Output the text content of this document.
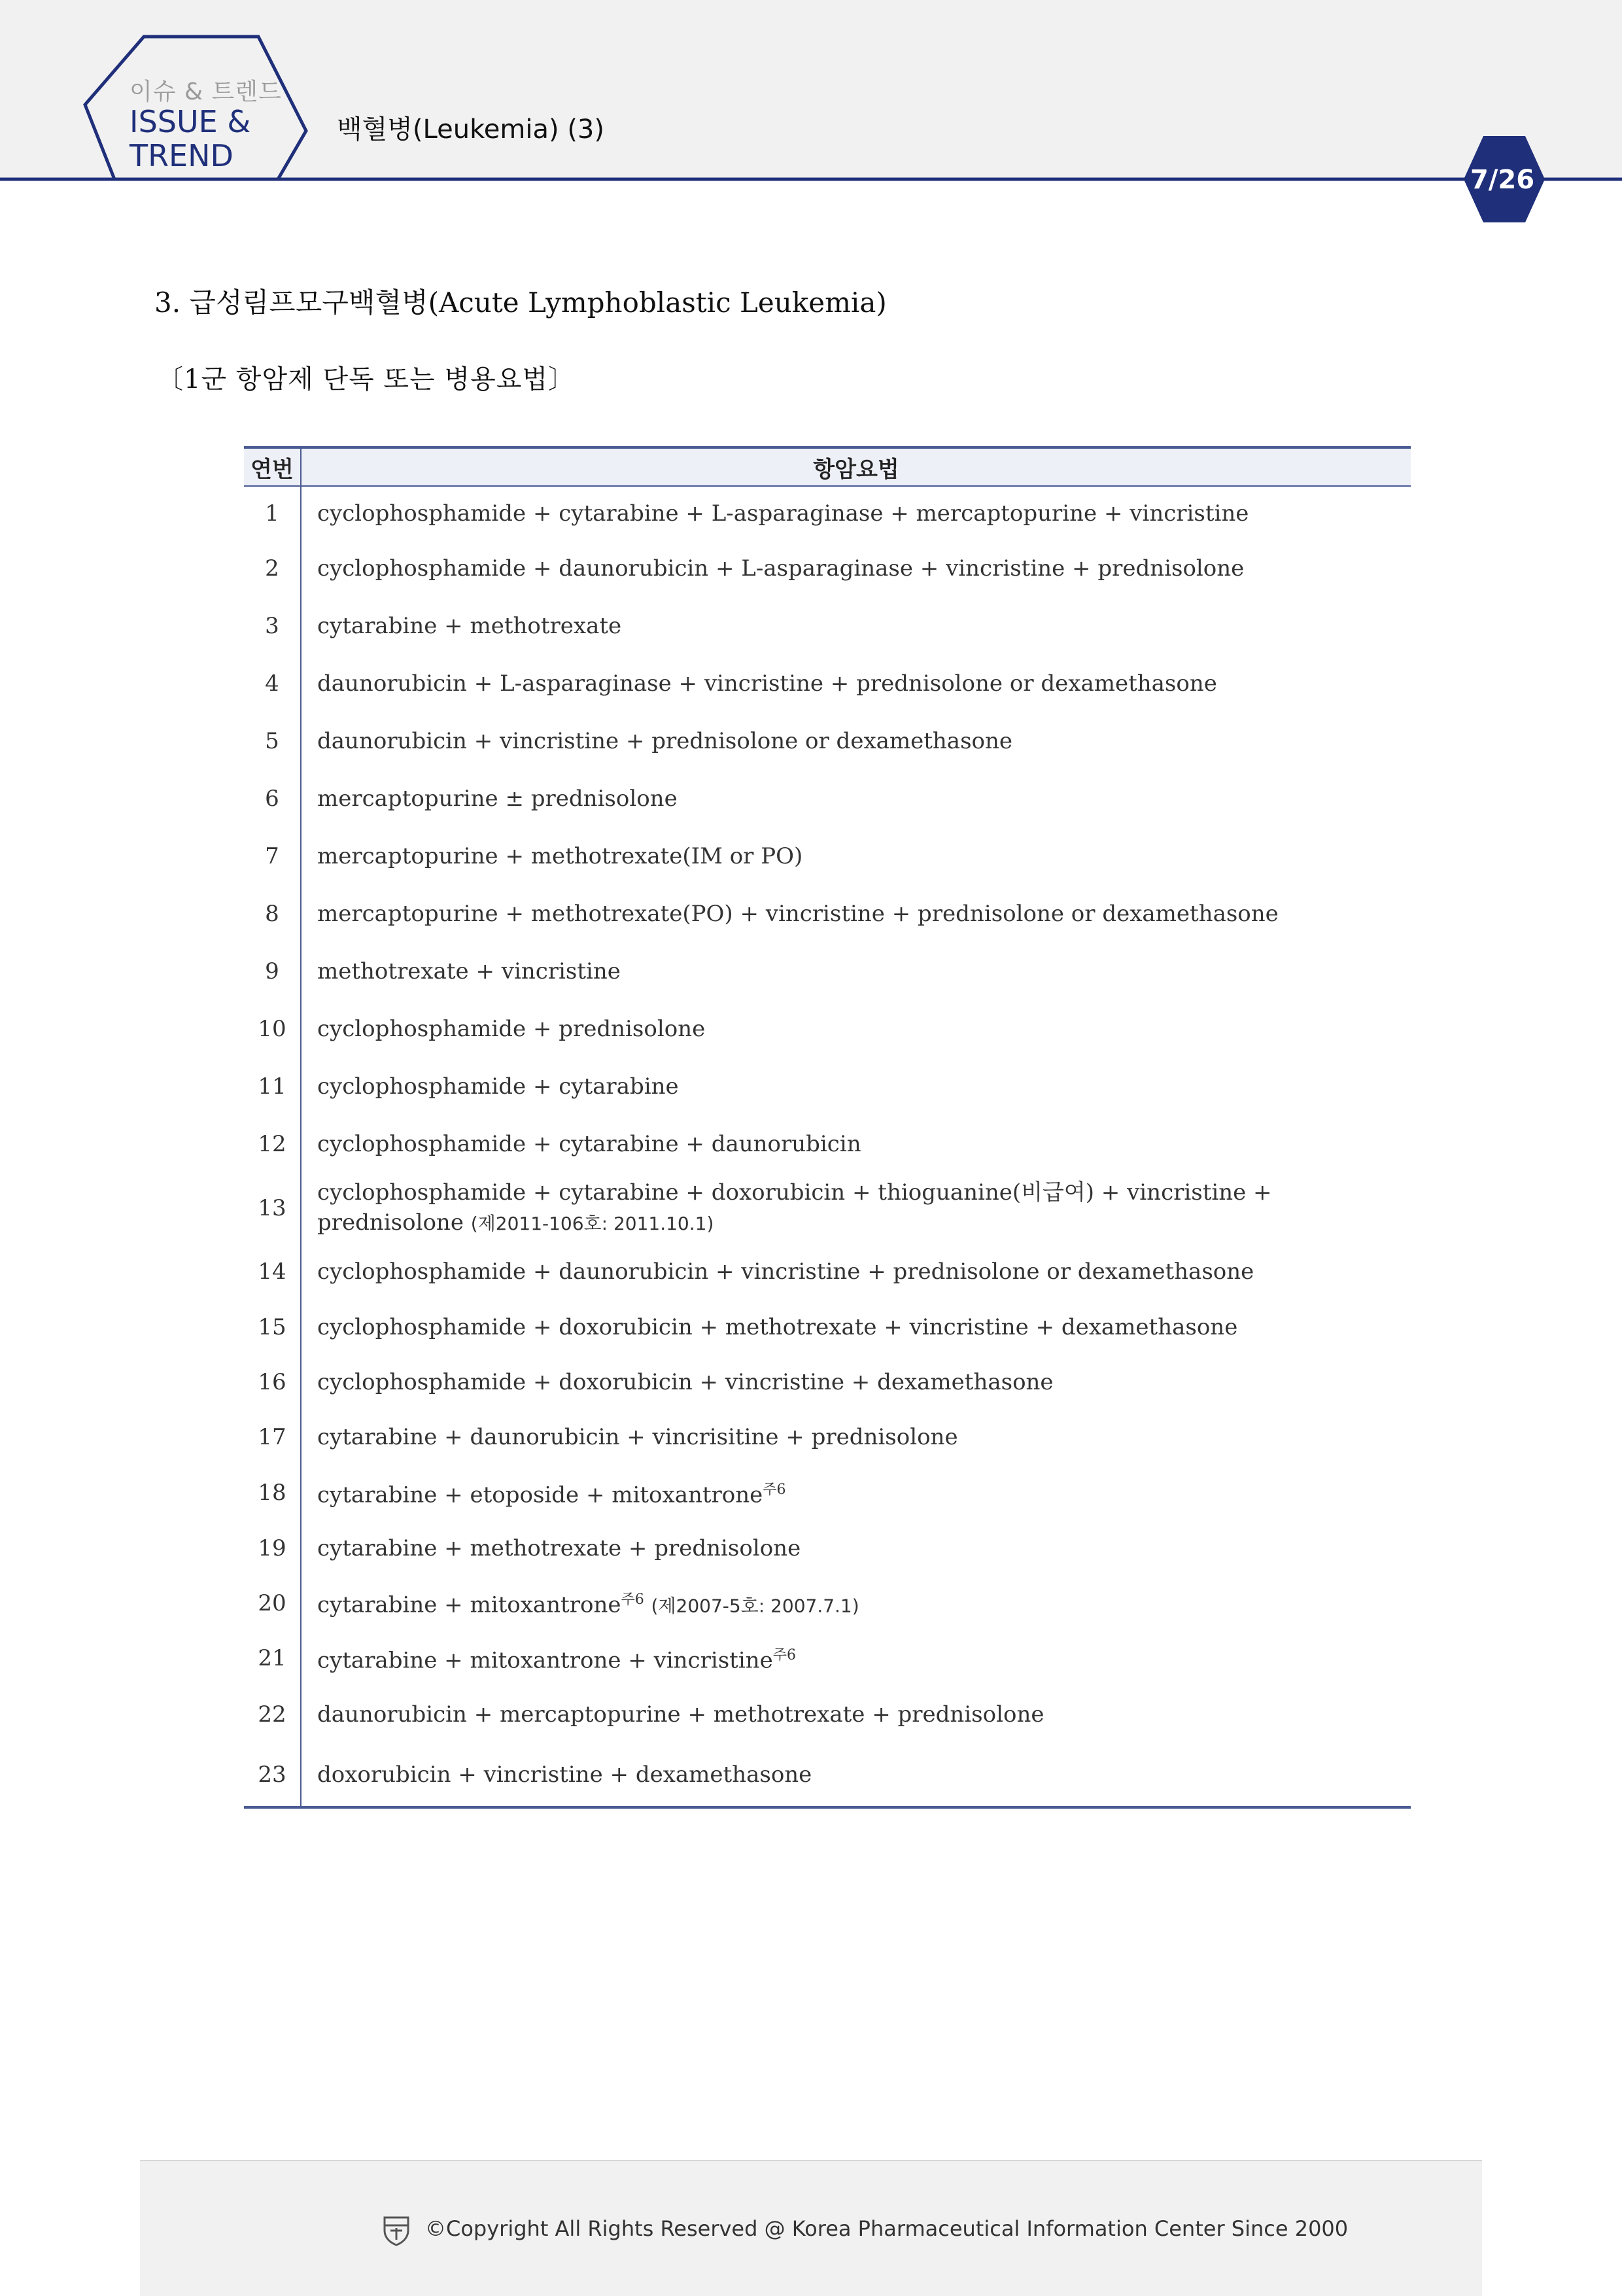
이슈 & 트렌드
ISSUE &
TREND
백혈병(Leukemia) (3)
7/26
3. 급성림프모구백혈병(Acute Lymphoblastic Leukemia)
〔1군 항암제 단독 또는 병용요법〕
연번	항암요법
1	cyclophosphamide + cytarabine + L-asparaginase + mercaptopurine + vincristine
2	cyclophosphamide + daunorubicin + L-asparaginase + vincristine + prednisolone
3	cytarabine + methotrexate
4	daunorubicin + L-asparaginase + vincristine + prednisolone or dexamethasone
5	daunorubicin + vincristine + prednisolone or dexamethasone
6	mercaptopurine ± prednisolone
7	mercaptopurine + methotrexate(IM or PO)
8	mercaptopurine + methotrexate(PO) + vincristine + prednisolone or dexamethasone
9	methotrexate + vincristine
10	cyclophosphamide + prednisolone
11	cyclophosphamide + cytarabine
12	cyclophosphamide + cytarabine + daunorubicin
13	cyclophosphamide + cytarabine + doxorubicin + thioguanine(비급여) + vincristine +
prednisolone (제2011-106호: 2011.10.1)
14	cyclophosphamide + daunorubicin + vincristine + prednisolone or dexamethasone
15	cyclophosphamide + doxorubicin + methotrexate + vincristine + dexamethasone
16	cyclophosphamide + doxorubicin + vincristine + dexamethasone
17	cytarabine + daunorubicin + vincrisitine + prednisolone
18	cytarabine + etoposide + mitoxantrone$^{주6}$
19	cytarabine + methotrexate + prednisolone
20	cytarabine + mitoxantrone$^{주6}$ (제2007-5호: 2007.7.1)
21	cytarabine + mitoxantrone + vincristine$^{주6}$
22	daunorubicin + mercaptopurine + methotrexate + prednisolone
23	doxorubicin + vincristine + dexamethasone
©Copyright All Rights Reserved @ Korea Pharmaceutical Information Center Since 2000
